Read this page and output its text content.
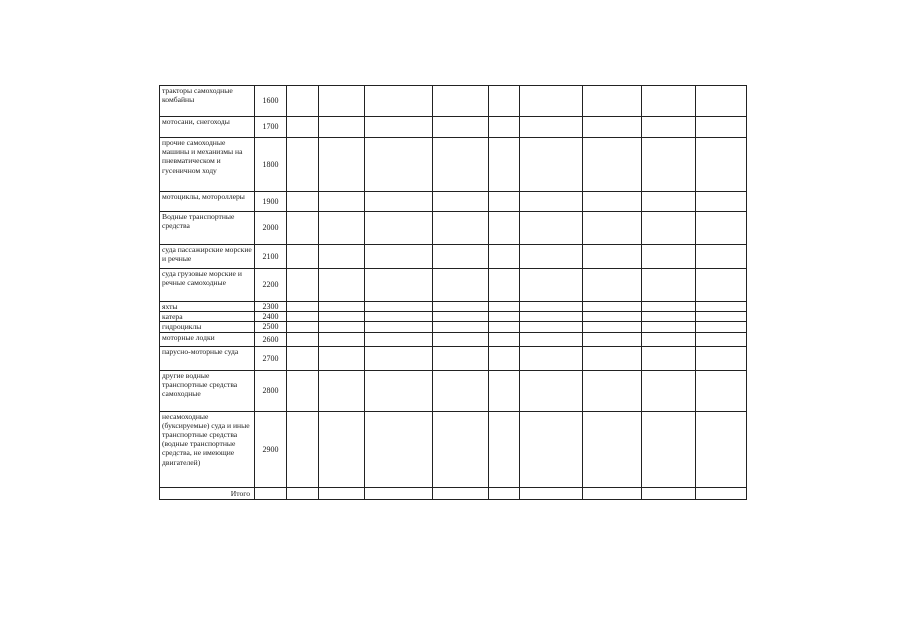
тракторы самоходные комбайны	1600									
мотосани, снегоходы	1700									
прочие самоходные машины и механизмы на пневматическом и гусеничном ходу	1800									
мотоциклы, мотороллеры	1900									
Водные транспортные средства	2000									
суда пассажирские морские и речные	2100									
суда грузовые морские и речные самоходные	2200									
яхты	2300									
катера	2400									
гидроциклы	2500									
моторные лодки	2600									
парусно-моторные суда	2700									
другие водные транспортные средства самоходные	2800									
несамоходные (буксируемые) суда и иные транспортные средства (водные транспортные средства, не имеющие двигателей)	2900									
Итого										
